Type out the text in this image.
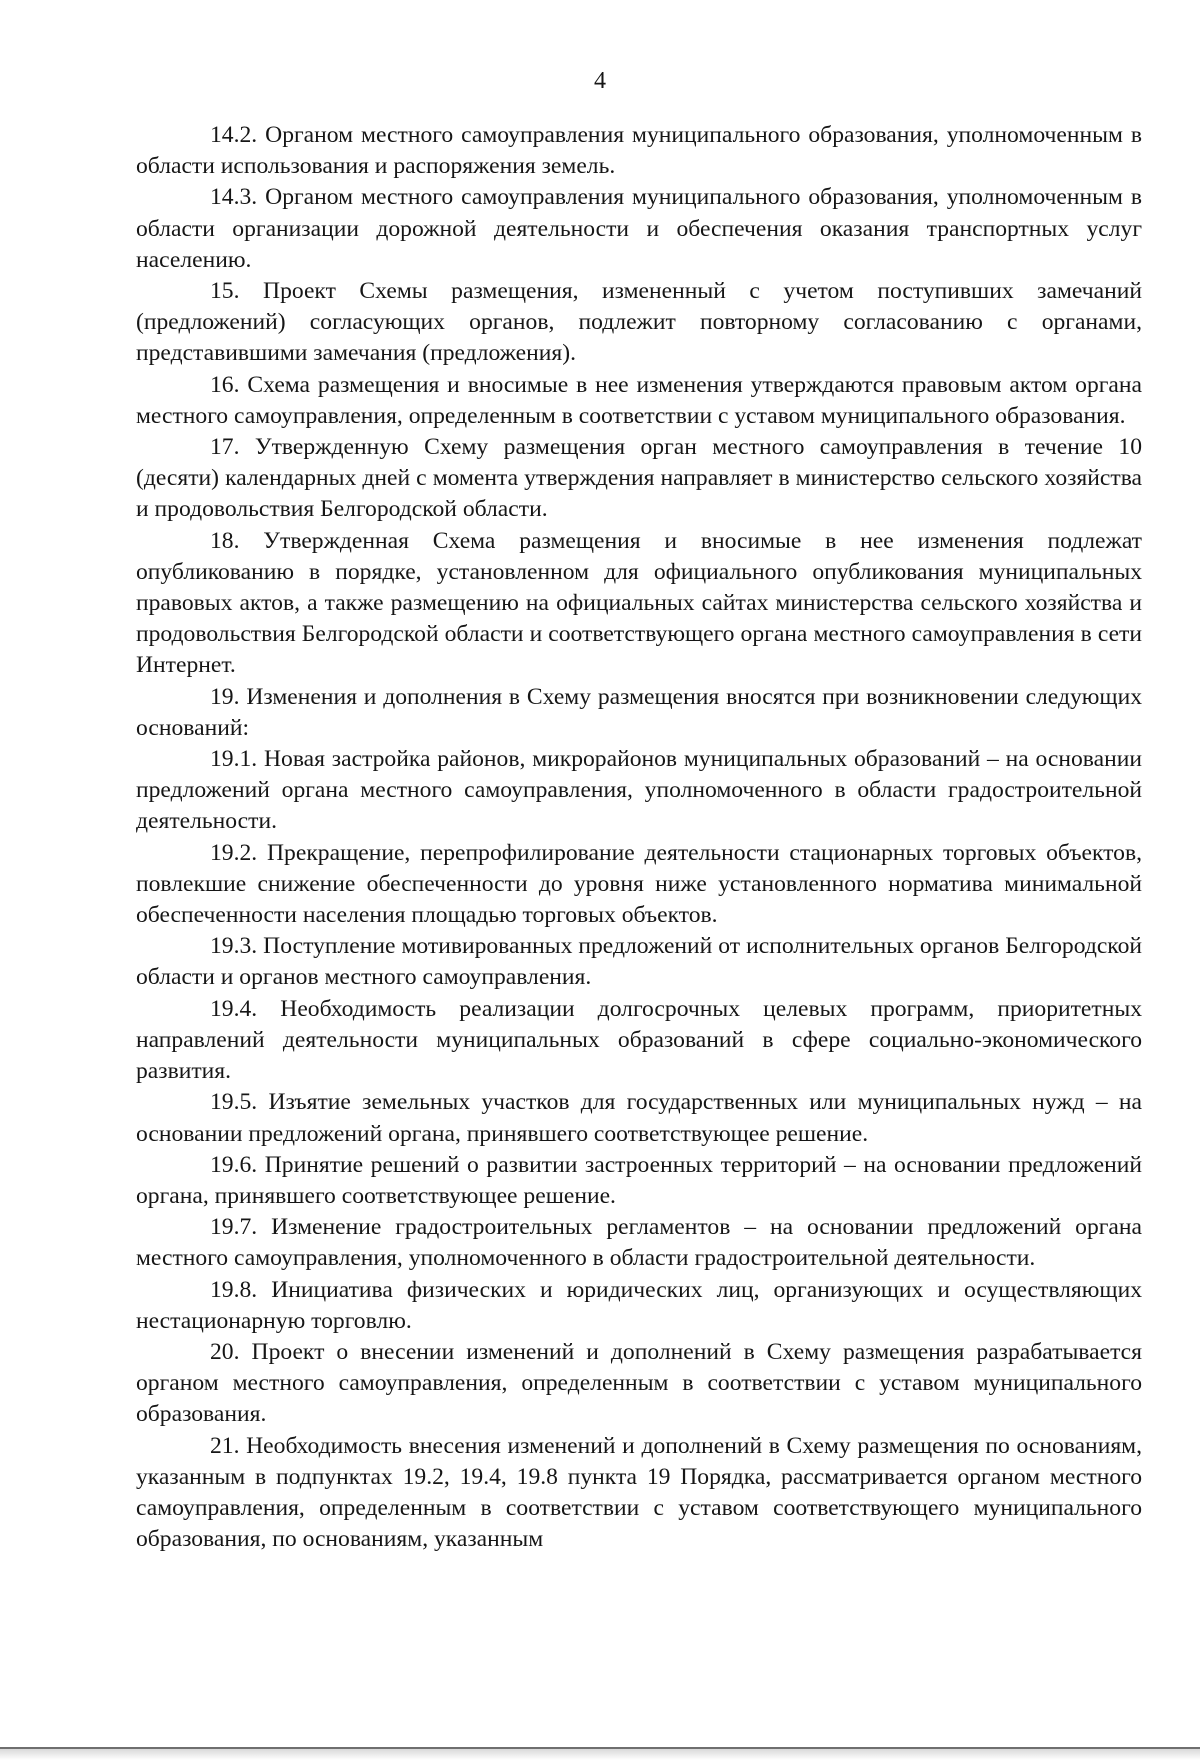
4

14.2. Органом местного самоуправления муниципального образования, уполномоченным в области использования и распоряжения земель.

14.3. Органом местного самоуправления муниципального образования, уполномоченным в области организации дорожной деятельности и обеспечения оказания транспортных услуг населению.

15. Проект Схемы размещения, измененный с учетом поступивших замечаний (предложений) согласующих органов, подлежит повторному согласованию с органами, представившими замечания (предложения).

16. Схема размещения и вносимые в нее изменения утверждаются правовым актом органа местного самоуправления, определенным в соответствии с уставом муниципального образования.

17. Утвержденную Схему размещения орган местного самоуправления в течение 10 (десяти) календарных дней с момента утверждения направляет в министерство сельского хозяйства и продовольствия Белгородской области.

18. Утвержденная Схема размещения и вносимые в нее изменения подлежат опубликованию в порядке, установленном для официального опубликования муниципальных правовых актов, а также размещению на официальных сайтах министерства сельского хозяйства и продовольствия Белгородской области и соответствующего органа местного самоуправления в сети Интернет.

19. Изменения и дополнения в Схему размещения вносятся при возникновении следующих оснований:

19.1. Новая застройка районов, микрорайонов муниципальных образований – на основании предложений органа местного самоуправления, уполномоченного в области градостроительной деятельности.

19.2. Прекращение, перепрофилирование деятельности стационарных торговых объектов, повлекшие снижение обеспеченности до уровня ниже установленного норматива минимальной обеспеченности населения площадью торговых объектов.

19.3. Поступление мотивированных предложений от исполнительных органов Белгородской области и органов местного самоуправления.

19.4. Необходимость реализации долгосрочных целевых программ, приоритетных направлений деятельности муниципальных образований в сфере социально-экономического развития.

19.5. Изъятие земельных участков для государственных или муниципальных нужд – на основании предложений органа, принявшего соответствующее решение.

19.6. Принятие решений о развитии застроенных территорий – на основании предложений органа, принявшего соответствующее решение.

19.7. Изменение градостроительных регламентов – на основании предложений органа местного самоуправления, уполномоченного в области градостроительной деятельности.

19.8. Инициатива физических и юридических лиц, организующих и осуществляющих нестационарную торговлю.

20. Проект о внесении изменений и дополнений в Схему размещения разрабатывается органом местного самоуправления, определенным в соответствии с уставом муниципального образования.

21. Необходимость внесения изменений и дополнений в Схему размещения по основаниям, указанным в подпунктах 19.2, 19.4, 19.8 пункта 19 Порядка, рассматривается органом местного самоуправления, определенным в соответствии с уставом соответствующего муниципального образования, по основаниям, указанным
